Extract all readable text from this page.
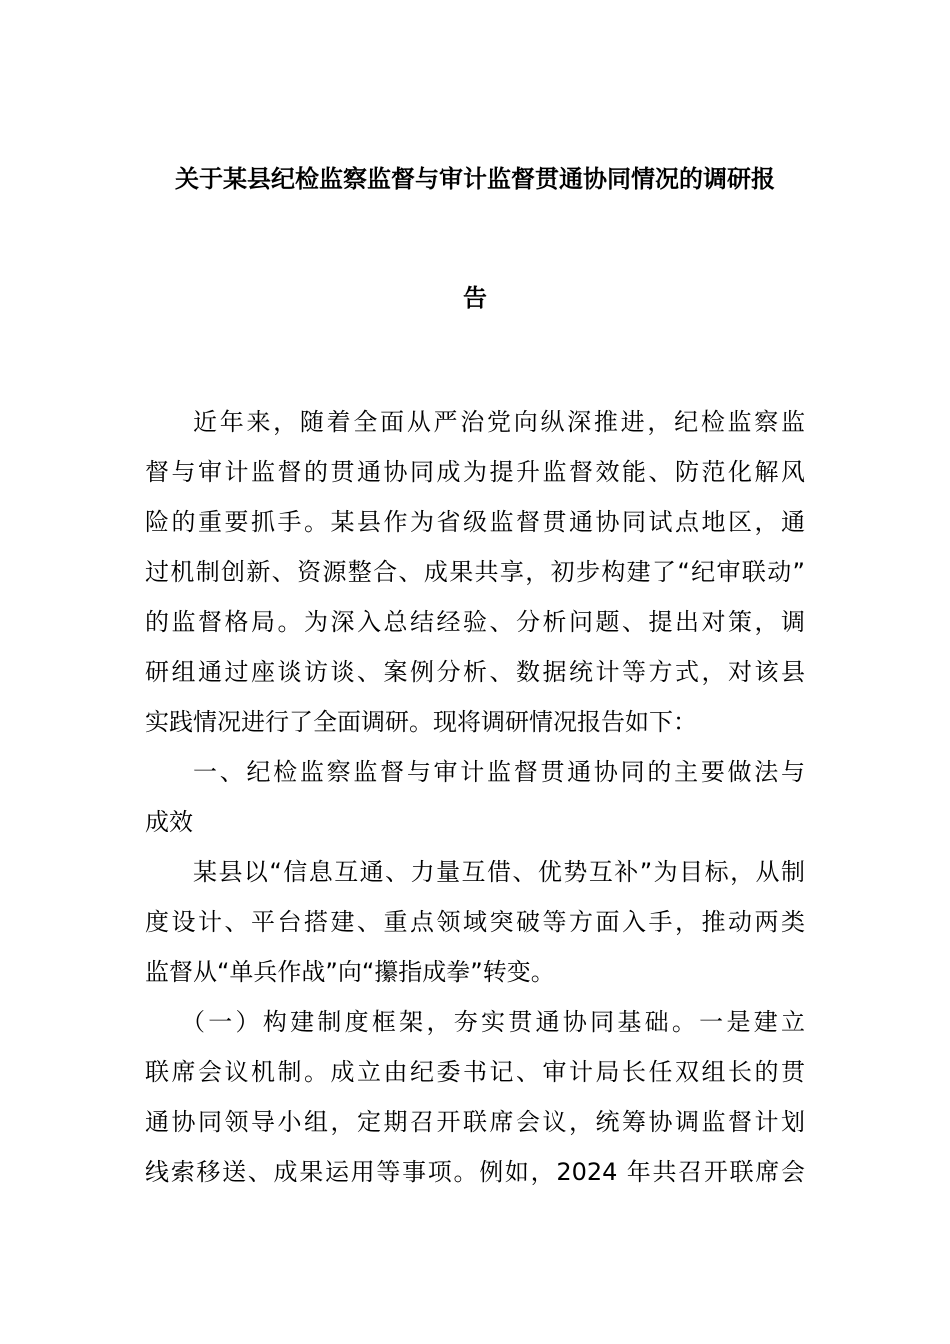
关于某县纪检监察监督与审计监督贯通协同情况的调研报
告
近年来，随着全面从严治党向纵深推进，纪检监察监
督与审计监督的贯通协同成为提升监督效能、防范化解风
险的重要抓手。某县作为省级监督贯通协同试点地区，通
过机制创新、资源整合、成果共享，初步构建了“纪审联动”
的监督格局。为深入总结经验、分析问题、提出对策，调
研组通过座谈访谈、案例分析、数据统计等方式，对该县
实践情况进行了全面调研。现将调研情况报告如下：
一、纪检监察监督与审计监督贯通协同的主要做法与
成效
某县以“信息互通、力量互借、优势互补”为目标，从制
度设计、平台搭建、重点领域突破等方面入手，推动两类
监督从“单兵作战”向“攥指成拳”转变。
（一）构建制度框架，夯实贯通协同基础。一是建立
联席会议机制。成立由纪委书记、审计局长任双组长的贯
通协同领导小组，定期召开联席会议，统筹协调监督计划
线索移送、成果运用等事项。例如，2024 年共召开联席会
